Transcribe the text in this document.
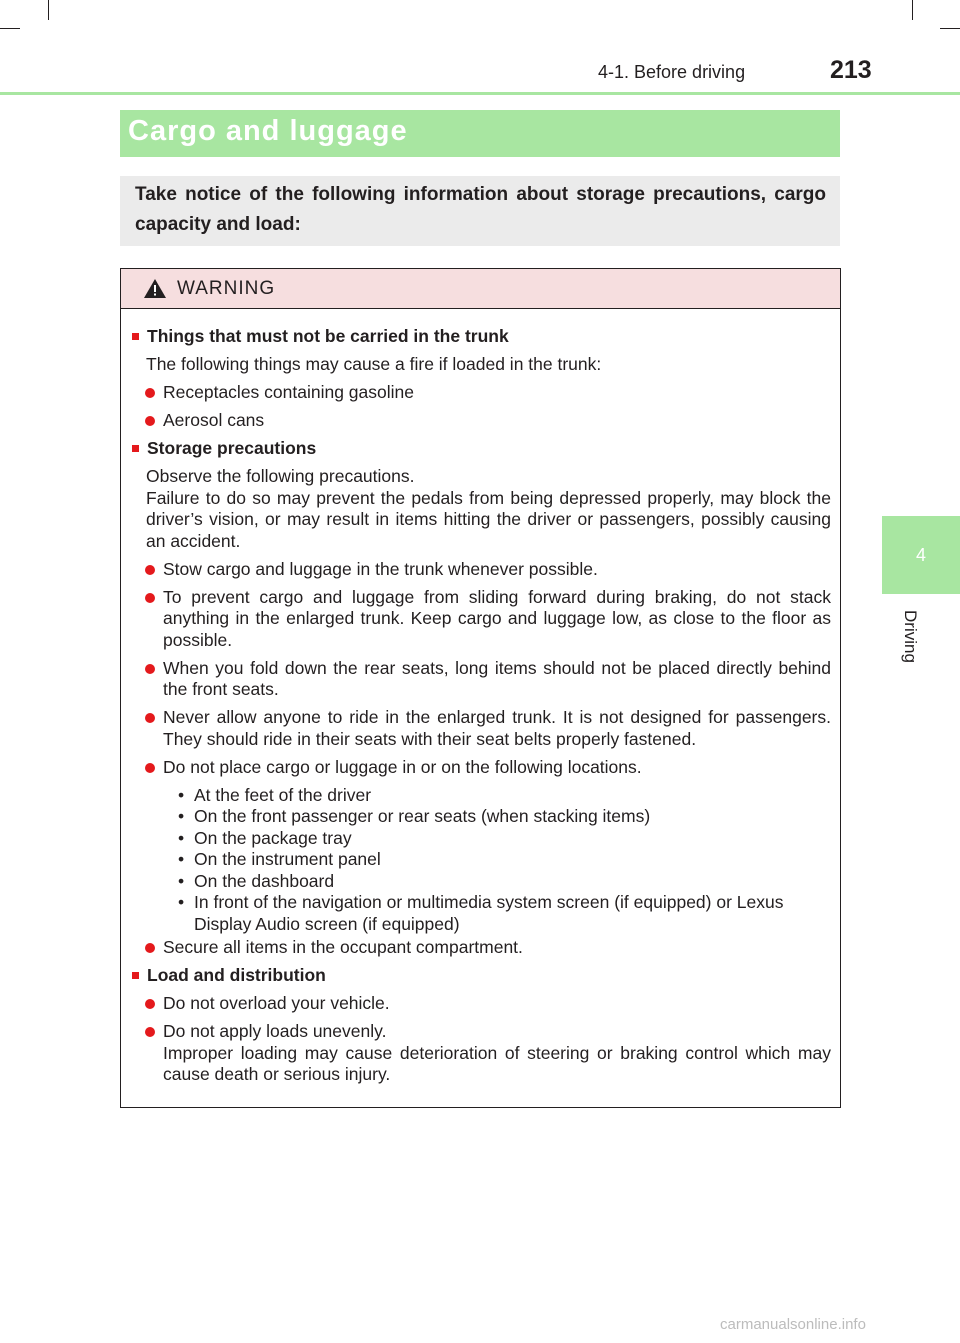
4-1. Before driving	213
4
Driving
Cargo and luggage
Take notice of the following information about storage precautions, cargo capacity and load:
WARNING
Things that must not be carried in the trunk
The following things may cause a fire if loaded in the trunk:
Receptacles containing gasoline
Aerosol cans
Storage precautions
Observe the following precautions.
Failure to do so may prevent the pedals from being depressed properly, may block the driver’s vision, or may result in items hitting the driver or passengers, possibly causing an accident.
Stow cargo and luggage in the trunk whenever possible.
To prevent cargo and luggage from sliding forward during braking, do not stack anything in the enlarged trunk. Keep cargo and luggage low, as close to the floor as possible.
When you fold down the rear seats, long items should not be placed directly behind the front seats.
Never allow anyone to ride in the enlarged trunk. It is not designed for passengers. They should ride in their seats with their seat belts properly fastened.
Do not place cargo or luggage in or on the following locations.
• At the feet of the driver
• On the front passenger or rear seats (when stacking items)
• On the package tray
• On the instrument panel
• On the dashboard
• In front of the navigation or multimedia system screen (if equipped) or Lexus Display Audio screen (if equipped)
Secure all items in the occupant compartment.
Load and distribution
Do not overload your vehicle.
Do not apply loads unevenly.
Improper loading may cause deterioration of steering or braking control which may cause death or serious injury.
carmanualsonline.info
